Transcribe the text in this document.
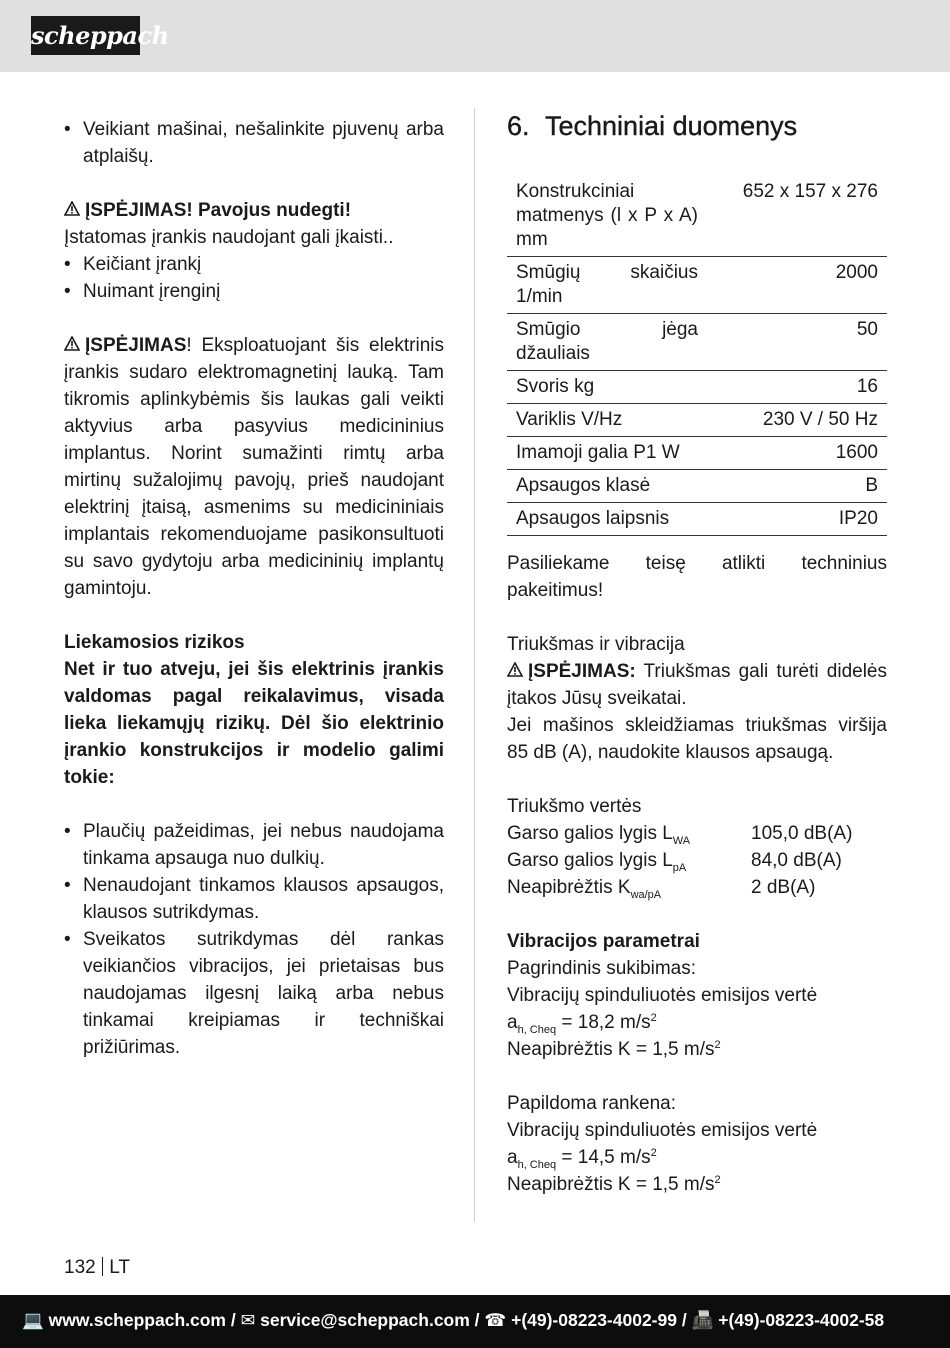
scheppach

• Veikiant mašinai, nešalinkite pjuvenų arba atplaišų.

ĮSPĖJIMAS! Pavojus nudegti!

Įstatomas įrankis naudojant gali įkaisti..

• Keičiant įrankį

• Nuimant įrenginį

ĮSPĖJIMAS! Eksploatuojant šis elektrinis įrankis sudaro elektromagnetinį lauką. Tam tikromis aplinkybėmis šis laukas gali veikti aktyvius arba pasyvius medicininius implantus. Norint sumažinti rimtų arba mirtinų sužalojimų pavojų, prieš naudojant elektrinį įtaisą, asmenims su medicininiais implantais rekomenduojame pasikonsultuoti su savo gydytoju arba medicininių implantų gamintoju.

Liekamosios rizikos

Net ir tuo atveju, jei šis elektrinis įrankis valdomas pagal reikalavimus, visada lieka liekamųjų rizikų. Dėl šio elektrinio įrankio konstrukcijos ir modelio galimi tokie:

• Plaučių pažeidimas, jei nebus naudojama tinkama apsauga nuo dulkių.

• Nenaudojant tinkamos klausos apsaugos, klausos sutrikdymas.

• Sveikatos sutrikdymas dėl rankas veikiančios vibracijos, jei prietaisas bus naudojamas ilgesnį laiką arba nebus tinkamai kreipiamas ir techniškai prižiūrimas.

6. Techniniai duomenys
Konstrukciniai matmenys (l x P x A) mm	652 x 157 x 276
Smūgių skaičius 1/min	2000
Smūgio jėga džauliais	50
Svoris kg	16
Variklis V/Hz	230 V / 50 Hz
Imamoji galia P1 W	1600
Apsaugos klasė	B
Apsaugos laipsnis	IP20

Pasiliekame teisę atlikti techninius pakeitimus!

Triukšmas ir vibracija

ĮSPĖJIMAS: Triukšmas gali turėti didelės įtakos Jūsų sveikatai.

Jei mašinos skleidžiamas triukšmas viršija 85 dB (A), naudokite klausos apsaugą.

Triukšmo vertės

Garso galios lygis $L_{WA}$	105,0 dB(A)
Garso galios lygis $L_{pA}$	84,0 dB(A)
Neapibrėžtis $K_{wa/pA}$	2 dB(A)

Vibracijos parametrai

Pagrindinis sukibimas:

Vibracijų spinduliuotės emisijos vertė

$a_{h, Cheq} = 18,2$ $m/s^2$

Neapibrėžtis K = 1,5 $m/s^2$

Papildoma rankena:

Vibracijų spinduliuotės emisijos vertė

$a_{h, Cheq} = 14,5$ $m/s^2$

Neapibrėžtis K = 1,5 $m/s^2$

132 LT
💻 www.scheppach.com / ✉ service@scheppach.com / ☎ +(49)-08223-4002-99 / 📠 +(49)-08223-4002-58
